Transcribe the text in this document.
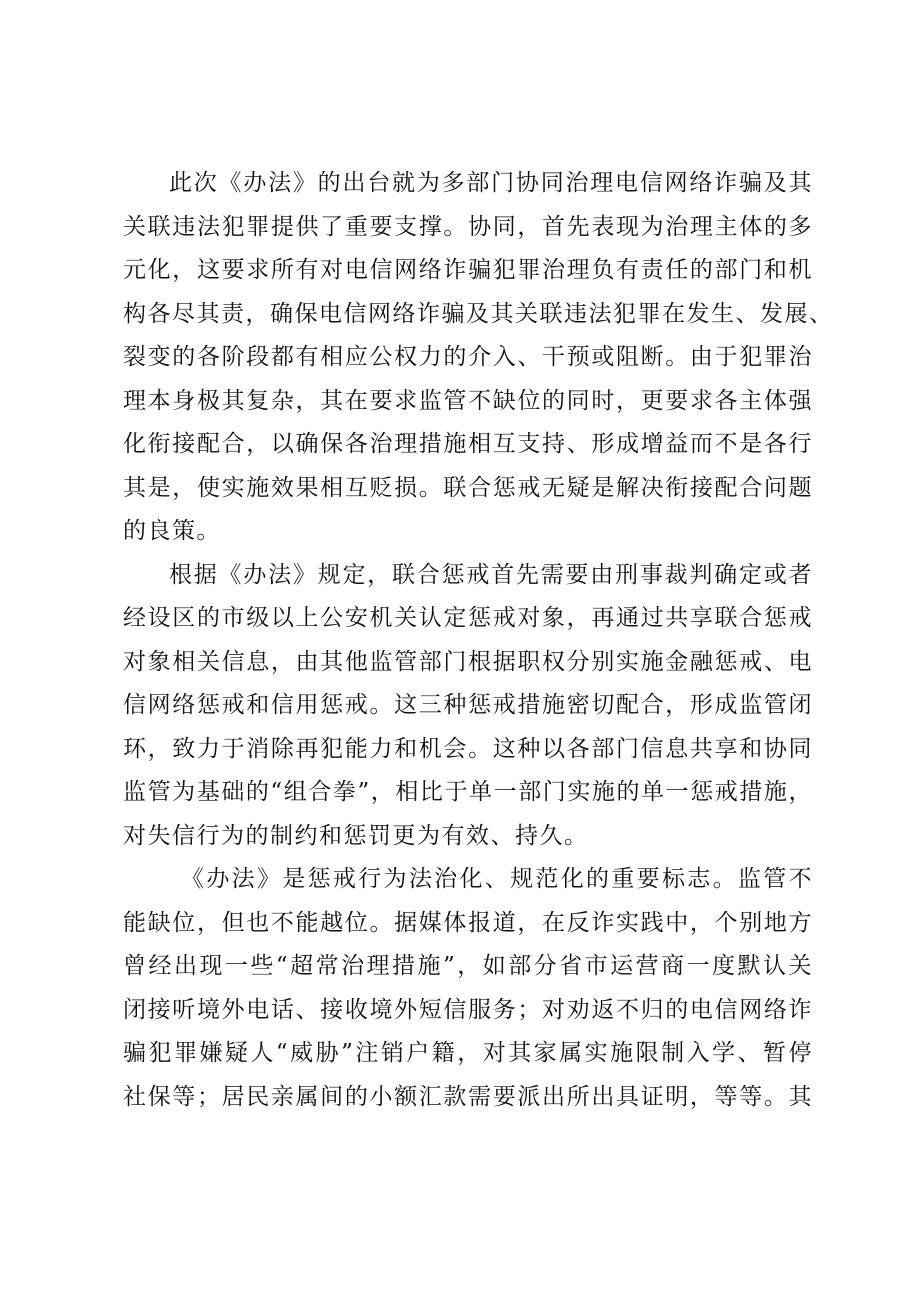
此次《办法》的出台就为多部门协同治理电信网络诈骗及其
关联违法犯罪提供了重要支撑。协同，首先表现为治理主体的多
元化，这要求所有对电信网络诈骗犯罪治理负有责任的部门和机
构各尽其责，确保电信网络诈骗及其关联违法犯罪在发生、发展、
裂变的各阶段都有相应公权力的介入、干预或阻断。由于犯罪治
理本身极其复杂，其在要求监管不缺位的同时，更要求各主体强
化衔接配合，以确保各治理措施相互支持、形成增益而不是各行
其是，使实施效果相互贬损。联合惩戒无疑是解决衔接配合问题
的良策。
根据《办法》规定，联合惩戒首先需要由刑事裁判确定或者
经设区的市级以上公安机关认定惩戒对象，再通过共享联合惩戒
对象相关信息，由其他监管部门根据职权分别实施金融惩戒、电
信网络惩戒和信用惩戒。这三种惩戒措施密切配合，形成监管闭
环，致力于消除再犯能力和机会。这种以各部门信息共享和协同
监管为基础的“组合拳”，相比于单一部门实施的单一惩戒措施，
对失信行为的制约和惩罚更为有效、持久。
《办法》是惩戒行为法治化、规范化的重要标志。监管不
能缺位，但也不能越位。据媒体报道，在反诈实践中，个别地方
曾经出现一些“超常治理措施”，如部分省市运营商一度默认关
闭接听境外电话、接收境外短信服务；对劝返不归的电信网络诈
骗犯罪嫌疑人“威胁”注销户籍，对其家属实施限制入学、暂停
社保等；居民亲属间的小额汇款需要派出所出具证明，等等。其
